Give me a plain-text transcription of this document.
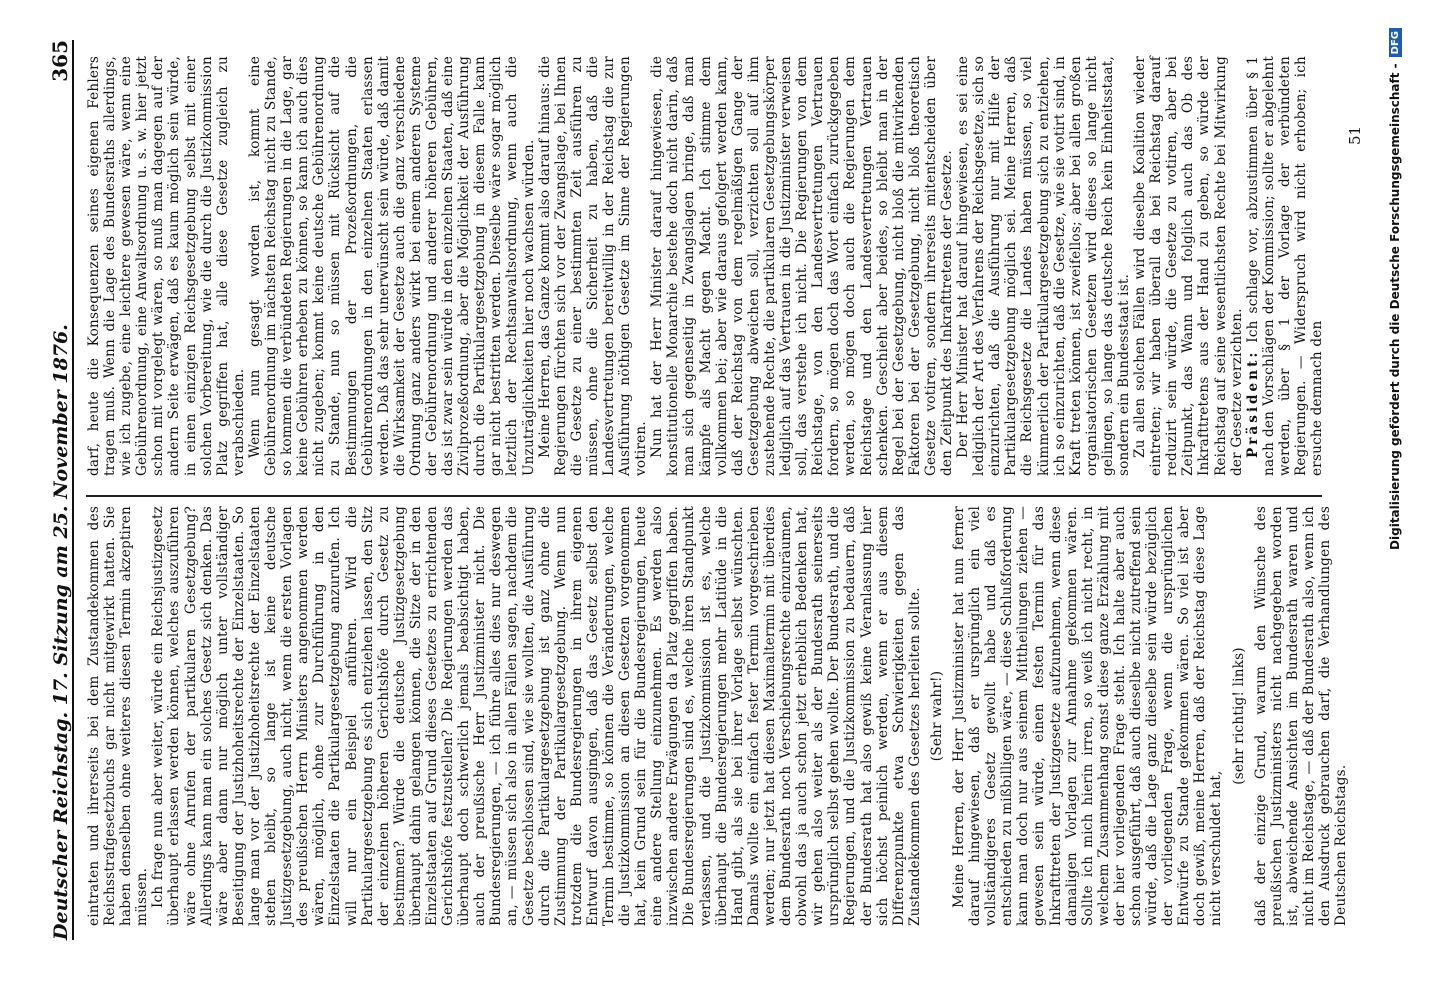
Deutscher Reichstag. 17. Sitzung am 25. November 1876.
365

eintraten und ihrerseits bei dem Zustandekommen des Reichsstrafgesetzbuchs gar nicht mitgewirkt hatten. Sie haben denselben ohne weiteres diesen Termin akzeptiren müssen. Ich frage nun aber weiter, würde ein Reichsjustizgesetz überhaupt erlassen werden können, welches auszuführen wäre ohne Anrufen der partikularen Gesetzgebung? Allerdings kann man ein solches Gesetz sich denken. Das wäre aber dann nur möglich unter vollständiger Beseitigung der Justizhoheitsrechte der Einzelstaaten. So lange man vor der Justizhoheitsrechte der Einzelstaaten stehen bleibt, so lange ist keine deutsche Justizgesetzgebung, auch nicht, wenn die ersten Vorlagen des preußischen Herrn Ministers angenommen werden wären, möglich, ohne zur Durchführung in den Einzelstaaten die Partikulargesetzgebung anzurufen. Ich will nur ein Beispiel anführen. Wird die Partikulargesetzgebung es sich entziehen lassen, den Sitz der einzelnen höheren Gerichtshöfe durch Gesetz zu bestimmen? Würde die deutsche Justizgesetzgebung überhaupt dahin gelangen können, die Sitze der in den Einzelstaaten auf Grund dieses Gesetzes zu errichtenden Gerichtshöfe festzustellen? Die Regierungen werden das überhaupt doch schwerlich jemals beabsichtigt haben, auch der preußische Herr Justizminister nicht. Die Bundesregierungen, — ich führe alles dies nur deswegen an, — müssen sich also in allen Fällen sagen, nachdem die Gesetze beschlossen sind, wie sie wollten, die Ausführung durch die Partikulargesetzgebung ist ganz ohne die Zustimmung der Partikulargesetzgebung. Wenn nun trotzdem die Bundesregierungen in ihrem eigenen Entwurf davon ausgingen, daß das Gesetz selbst den Termin bestimme, so können die Veränderungen, welche die Justizkommission an diesen Gesetzen vorgenommen hat, kein Grund sein für die Bundesregierungen, heute eine andere Stellung einzunehmen. Es werden also inzwischen andere Erwägungen da Platz gegriffen haben. Die Bundesregierungen sind es, welche ihren Standpunkt verlassen, und die Justizkommission ist es, welche überhaupt die Bundesregierungen mehr Latitüde in die Hand gibt, als sie bei ihrer Vorlage selbst wünschten. Damals wollte ein einfach fester Termin vorgeschrieben werden; nur jetzt hat diesen Maximaltermin mit überdies dem Bundesrath noch Verschiebungsrechte einzuräumen, obwohl das ja auch schon jetzt erheblich Bedenken hat, wir gehen also weiter als der Bundesrath seinerseits ursprünglich selbst gehen wollte. Der Bundesrath, und die Regierungen, und die Justizkommission zu bedauern, daß der Bundesrath hat also gewiß keine Veranlassung hier sich höchst peinlich werden, wenn er aus diesem Differenzpunkte etwa Schwierigkeiten gegen das Zustandekommen des Gesetzes herleiten sollte. (Sehr wahr!) Meine Herren, der Herr Justizminister hat nun ferner darauf hingewiesen, daß er ursprünglich ein viel vollständigeres Gesetz gewollt habe und daß es entschieden zu mißbilligen wäre, — diese Schlußforderung kann man doch nur aus seinem Mittheilungen ziehen — gewesen sein würde, einen festen Termin für das Inkrafttreten der Justizgesetze aufzunehmen, wenn diese damaligen Vorlagen zur Annahme gekommen wären. Sollte ich mich hierin irren, so weiß ich nicht recht, in welchem Zusammenhang sonst diese ganze Erzählung mit der hier vorliegenden Frage steht. Ich halte aber auch schon ausgeführt, daß auch dieselbe nicht zutreffend sein würde, daß die Lage ganz dieselbe sein würde bezüglich der vorliegenden Frage, wenn die ursprünglichen Entwürfe zu Stande gekommen wären. So viel ist aber doch gewiß, meine Herren, daß der Reichstag diese Lage nicht verschuldet hat,

(sehr richtig! links) daß der einzige Grund, warum den Wünsche des preußischen Justizministers nicht nachgegeben worden ist, abweichende Ansichten im Bundesrath waren und nicht im Reichstage, — daß der Bundesrath also, wenn ich den Ausdruck gebrauchen darf, die Verhandlungen des Deutschen Reichstags.

darf, heute die Konsequenzen seines eigenen Fehlers tragen muß. Wenn die Lage des Bundesraths allerdings, wie ich zugebe, eine leichtere gewesen wäre, wenn eine Gebührenordnung, eine Anwaltsordnung u. s. w. hier jetzt schon mit vorgelegt wären, so muß man dagegen auf der andern Seite erwägen, daß es kaum möglich sein würde, in einen einzigen Reichsgesetzgebung selbst mit einer solchen Vorbereitung, wie die durch die Justizkommission Platz gegriffen hat, alle diese Gesetze zugleich zu verabschieden. Wenn nun gesagt worden ist, kommt eine Gebührenordnung im nächsten Reichstag nicht zu Stande, so kommen die verbündeten Regierungen in die Lage, gar keine Gebühren erheben zu können, so kann ich auch dies nicht zugeben; kommt keine deutsche Gebührenordnung zu Stande, nun so müssen mit Rücksicht auf die Bestimmungen der Prozeßordnungen, die Gebührenordnungen in den einzelnen Staaten erlassen werden. Daß das sehr unerwünscht sein würde, daß damit die Wirksamkeit der Gesetze auch die ganz verschiedene Ordnung ganz anders wirkt bei einem anderen Systeme der Gebührenordnung und anderer höheren Gebühren, das ist zwar sein würde in den einzelnen Staaten, daß eine Zivilprozeßordnung, aber die Möglichkeit der Ausführung durch die Partikulargesetzgebung in diesem Falle kann gar nicht bestritten werden. Dieselbe wäre sogar möglich letztlich der Rechtsanwaltsordnung, wenn auch die Unzuträglichkeiten hier noch wachsen würden. Meine Herren, das Ganze kommt also darauf hinaus: die Regierungen fürchten sich vor der Zwangslage, bei Ihnen die Gesetze zu einer bestimmten Zeit ausführen zu müssen, ohne die Sicherheit zu haben, daß die Landesvertretungen bereitwillig in der Reichstag die zur Ausführung nöthigen Gesetze im Sinne der Regierungen votiren. Nun hat der Herr Minister darauf hingewiesen, die konstitutionelle Monarchie bestehe doch nicht darin, daß man sich gegenseitig in Zwangslagen bringe, daß man kämpfe als Macht gegen Macht. Ich stimme dem vollkommen bei; aber wie daraus gefolgert werden kann, daß der Reichstag von dem regelmäßigen Gange der Gesetzgebung abweichen soll, verzichten soll auf ihm zustehende Rechte, die partikularen Gesetzgebungskörper lediglich auf das Vertrauen in die Justizminister verweisen soll, das verstehe ich nicht. Die Regierungen von dem Reichstage, von den Landesvertretungen Vertrauen fordern, so mögen doch das Wort einfach zurückgegeben werden, so mögen doch auch die Regierungen dem Reichstage und den Landesvertretungen Vertrauen schenken. Geschieht aber beides, so bleibt man in der Regel bei der Gesetzgebung, nicht bloß die mitwirkenden Faktoren bei der Gesetzgebung, nicht bloß theoretisch Gesetze votiren, sondern ihrerseits mitentscheiden über den Zeitpunkt des Inkrafttretens der Gesetze. Der Herr Minister hat darauf hingewiesen, es sei eine lediglich der Art des Verfahrens der Reichsgesetze, sich so einzurichten, daß die Ausführung nur mit Hilfe der Partikulargesetzgebung möglich sei. Meine Herren, daß die Reichsgesetze die Landes haben müssen, so viel kümmerlich der Partikulargesetzgebung sich zu entziehen, ich so einzurichten, daß die Gesetze, wie sie votirt sind, in Kraft treten können, ist zweifellos; aber bei allen großen organisatorischen Gesetzen wird dieses so lange nicht gelingen, so lange das deutsche Reich kein Einheitsstaat, sondern ein Bundesstaat ist. Zu allen solchen Fällen wird dieselbe Koalition wieder eintreten; wir haben überall da bei Reichstag darauf reduzirt sein würde, die Gesetze zu votiren, aber bei Zeitpunkt, das Wann und folglich auch das Ob des Inkrafttretens aus der Hand zu geben, so würde der Reichstag auf seine wesentlichsten Rechte bei Mitwirkung der Gesetze verzichten. Präsident: Ich schlage vor, abzustimmen über § 1 nach den Vorschlägen der Kommission; sollte er abgelehnt werden, über § 1 der Vorlage der verbündeten Regierungen. — Widerspruch wird nicht erhoben; ich ersuche demnach den

51 Digitalisierung gefördert durch die Deutsche Forschungsgemeinschaft -
DFG
